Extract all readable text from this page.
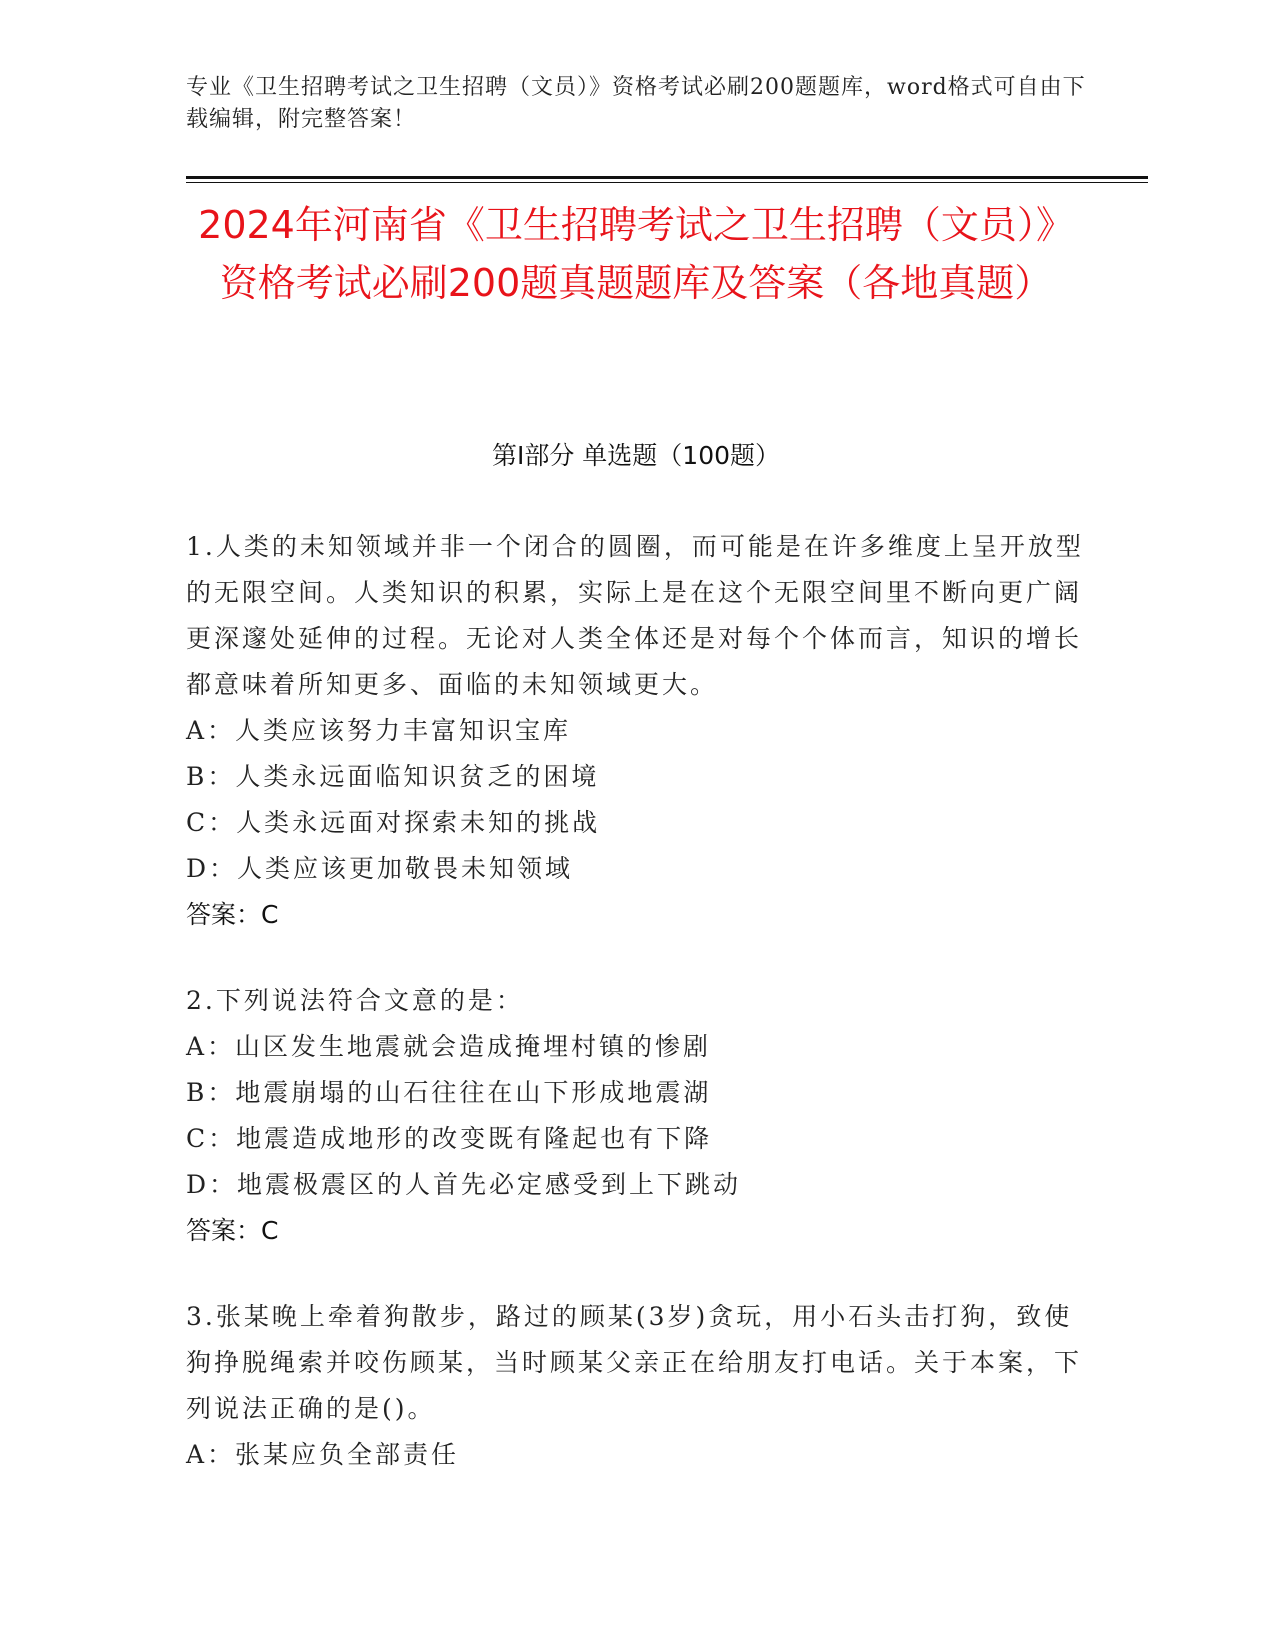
专业《卫生招聘考试之卫生招聘（文员）》资格考试必刷200题题库，word格式可自由下载编辑，附完整答案！
2024年河南省《卫生招聘考试之卫生招聘（文员）》资格考试必刷200题真题题库及答案（各地真题）
第Ⅰ部分 单选题（100题）
1.人类的未知领域并非一个闭合的圆圈，而可能是在许多维度上呈开放型的无限空间。人类知识的积累，实际上是在这个无限空间里不断向更广阔更深邃处延伸的过程。无论对人类全体还是对每个个体而言，知识的增长都意味着所知更多、面临的未知领域更大。
A：人类应该努力丰富知识宝库
B：人类永远面临知识贫乏的困境
C：人类永远面对探索未知的挑战
D：人类应该更加敬畏未知领域
答案：C
2.下列说法符合文意的是：
A：山区发生地震就会造成掩埋村镇的惨剧
B：地震崩塌的山石往往在山下形成地震湖
C：地震造成地形的改变既有隆起也有下降
D：地震极震区的人首先必定感受到上下跳动
答案：C
3.张某晚上牵着狗散步，路过的顾某(3岁)贪玩，用小石头击打狗，致使狗挣脱绳索并咬伤顾某，当时顾某父亲正在给朋友打电话。关于本案，下列说法正确的是()。
A：张某应负全部责任
